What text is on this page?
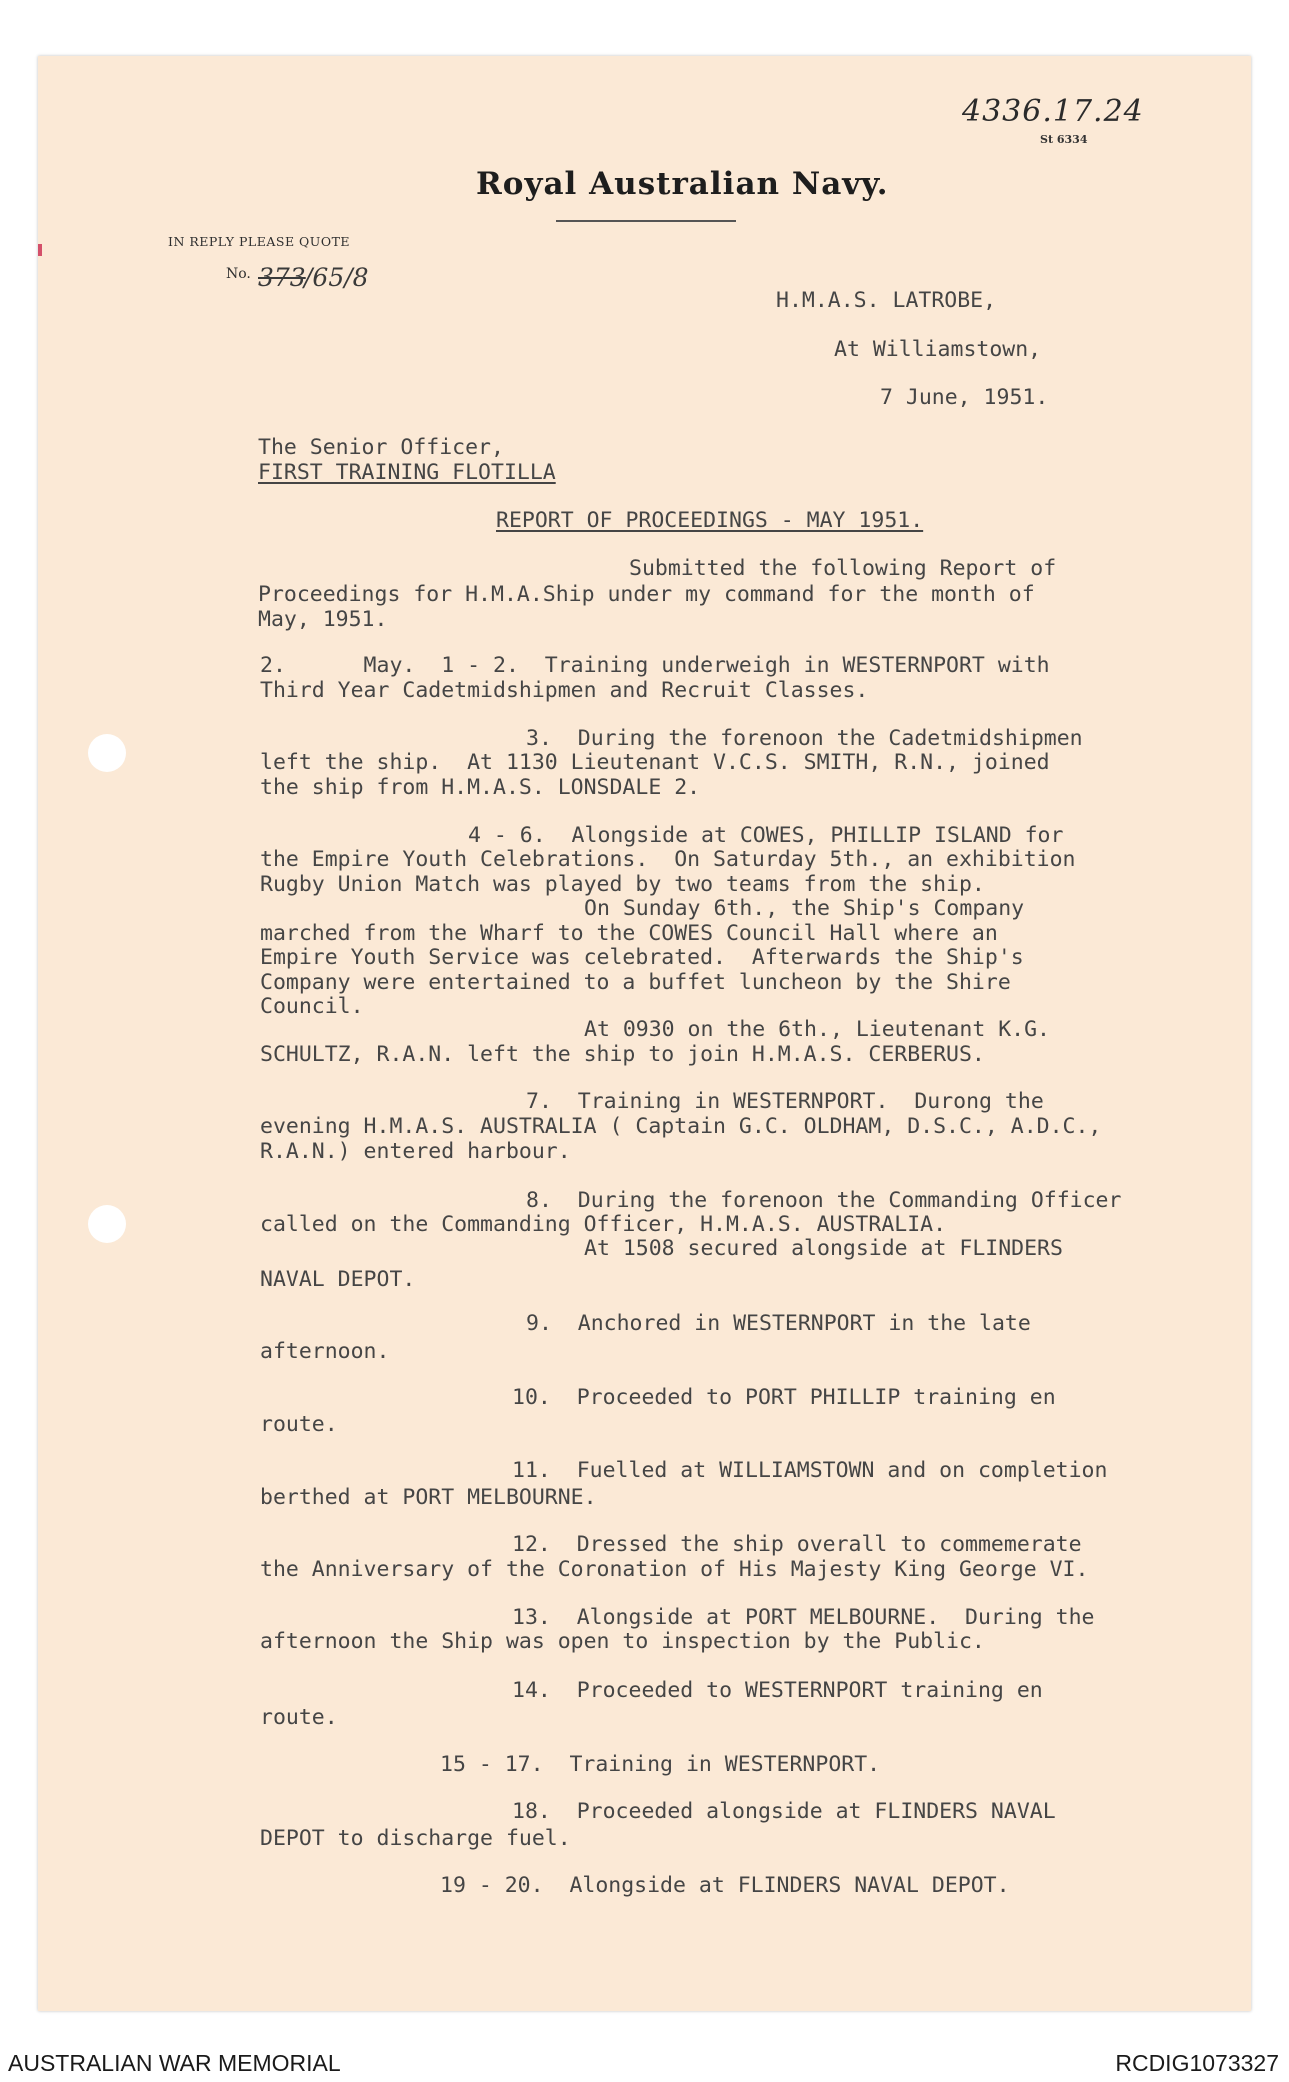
4336.17.24
St 6334
Royal Australian Navy.
IN REPLY PLEASE QUOTE
No. 373
/65/8
H.M.A.S. LATROBE,
At Williamstown,
7 June, 1951.
The Senior Officer,
FIRST TRAINING FLOTILLA
REPORT OF PROCEEDINGS - MAY 1951.
Submitted the following Report of
Proceedings for H.M.A.Ship under my command for the month of
May, 1951.
2.      May.  1 - 2.  Training underweigh in WESTERNPORT with
Third Year Cadetmidshipmen and Recruit Classes.
3.  During the forenoon the Cadetmidshipmen
left the ship.  At 1130 Lieutenant V.C.S. SMITH, R.N., joined
the ship from H.M.A.S. LONSDALE 2.
4 - 6.  Alongside at COWES, PHILLIP ISLAND for
the Empire Youth Celebrations.  On Saturday 5th., an exhibition
Rugby Union Match was played by two teams from the ship.
On Sunday 6th., the Ship's Company
marched from the Wharf to the COWES Council Hall where an
Empire Youth Service was celebrated.  Afterwards the Ship's
Company were entertained to a buffet luncheon by the Shire
Council.
At 0930 on the 6th., Lieutenant K.G.
SCHULTZ, R.A.N. left the ship to join H.M.A.S. CERBERUS.
7.  Training in WESTERNPORT.  Durong the
evening H.M.A.S. AUSTRALIA ( Captain G.C. OLDHAM, D.S.C., A.D.C.,
R.A.N.) entered harbour.
8.  During the forenoon the Commanding Officer
called on the Commanding Officer, H.M.A.S. AUSTRALIA.
At 1508 secured alongside at FLINDERS
NAVAL DEPOT.
9.  Anchored in WESTERNPORT in the late
afternoon.
10.  Proceeded to PORT PHILLIP training en
route.
11.  Fuelled at WILLIAMSTOWN and on completion
berthed at PORT MELBOURNE.
12.  Dressed the ship overall to commemerate
the Anniversary of the Coronation of His Majesty King George VI.
13.  Alongside at PORT MELBOURNE.  During the
afternoon the Ship was open to inspection by the Public.
14.  Proceeded to WESTERNPORT training en
route.
15 - 17.  Training in WESTERNPORT.
18.  Proceeded alongside at FLINDERS NAVAL
DEPOT to discharge fuel.
19 - 20.  Alongside at FLINDERS NAVAL DEPOT.
AUSTRALIAN WAR MEMORIAL	RCDIG1073327
